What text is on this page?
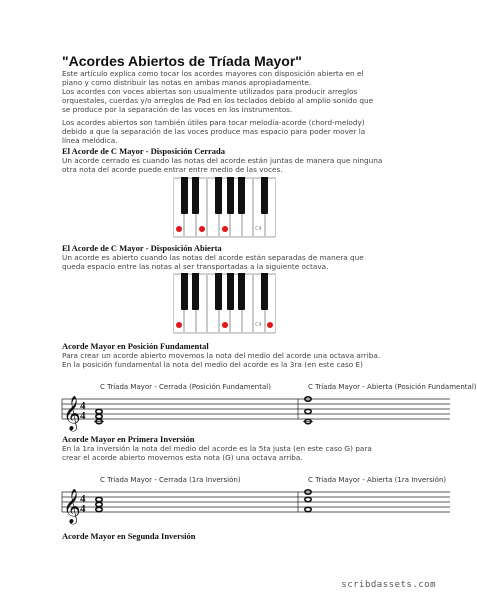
"Acordes Abiertos de Tríada Mayor"
Este artículo explica como tocar los acordes mayores con disposición abierta en el
piano y como distribuir las notas en ambas manos apropiadamente.
Los acordes con voces abiertas son usualmente utilizados para producir arreglos
orquestales, cuerdas y/o arreglos de Pad en los teclados debido al amplio sonido que
se produce por la separación de las voces en los instrumentos.
Los acordes abiertos son también útiles para tocar melodía-acorde (chord-melody)
debido a que la separación de las voces produce mas espacio para poder mover la
línea melódica.
El Acorde de C Mayor - Disposición Cerrada
Un acorde cerrado es cuando las notas del acorde están juntas de manera que ninguna
otra nota del acorde puede entrar entre medio de las voces.
C4
El Acorde de C Mayor - Disposición Abierta
Un acorde es abierto cuando las notas del acorde están separadas de manera que
queda espacio entre las notas al ser transportadas a la siguiente octava.
C4
Acorde Mayor en Posición Fundamental
Para crear un acorde abierto movemos la nota del medio del acorde una octava arriba.
En la posición fundamental la nota del medio del acorde es la 3ra (en este caso E)
C Tríada Mayor - Cerrada (Posición Fundamental)	C Tríada Mayor - Abierta (Posición Fundamental)
𝄞 4
4
Acorde Mayor en Primera Inversión
En la 1ra inversión la nota del medio del acorde es la 5ta justa (en este caso G) para
crear el acorde abierto movemos esta nota (G) una octava arriba.
C Tríada Mayor - Cerrada (1ra Inversión)	C Tríada Mayor - Abierta (1ra Inversión)
𝄞 4
4
Acorde Mayor en Segunda Inversión
scribdassets.com
